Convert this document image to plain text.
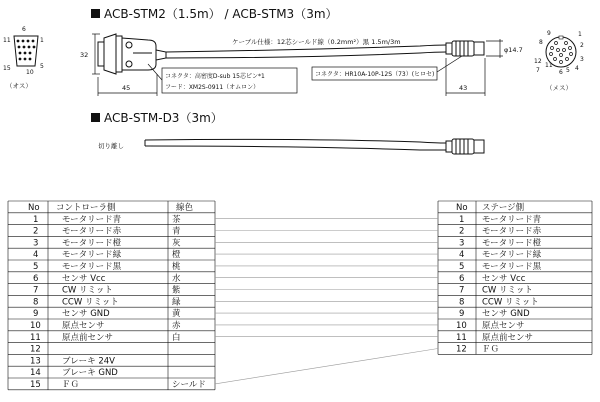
ACB-STM2（1.5m） / ACB-STM3（3m）
6
11	1
5
15
10
（オス）
ケーブル仕様：12芯シールド線（0.2mm²）黒 1.5m/3m
32
45	43
φ14.7
コネクタ：高密度D-sub 15芯ピン*1
フード：XM2S-0911（オムロン）
コネクタ：HR10A-10P-12S（73）(ヒロセ)
9	1
8	2
12
11
3
7	6
4
5
（メス）
ACB-STM-D3（3m）
切り離し
No コントローラ側	線色
1	モータリード青	茶
2	モータリード赤	青
3	モータリード橙	灰
4	モータリード緑	橙
5	モータリード黒	桃
6	センサ Vcc	水
7	CW リミット	紫
8	CCW リミット	緑
9	センサ GND	黄
10 原点センサ	赤
11 原点前センサ	白
12
13 ブレーキ 24V
14 ブレーキ GND
15 ＦＧ	シールド
No ステージ側
1 モータリード青
2 モータリード赤
3 モータリード橙
4 モータリード緑
5 モータリード黒
6 センサ Vcc
7 CW リミット
8 CCW リミット
9 センサ GND
10 原点センサ
11 原点前センサ
12 ＦＧ
